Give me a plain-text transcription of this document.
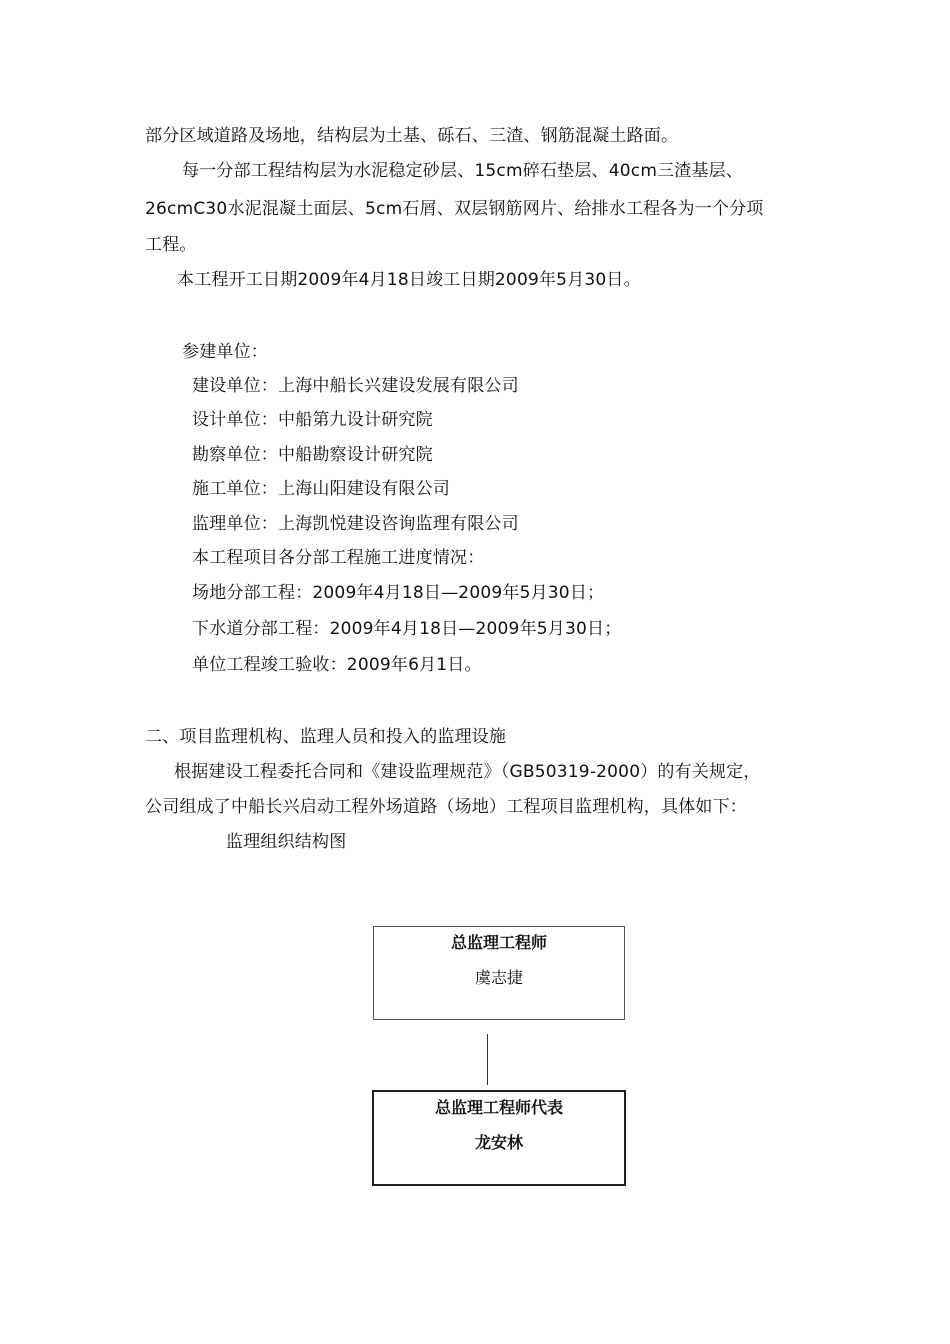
部分区域道路及场地，结构层为土基、砾石、三渣、钢筋混凝土路面。
每一分部工程结构层为水泥稳定砂层、15cm碎石垫层、40cm三渣基层、
26cmC30水泥混凝土面层、5cm石屑、双层钢筋网片、给排水工程各为一个分项
工程。
本工程开工日期2009年4月18日竣工日期2009年5月30日。
参建单位：
建设单位：上海中船长兴建设发展有限公司
设计单位：中船第九设计研究院
勘察单位：中船勘察设计研究院
施工单位：上海山阳建设有限公司
监理单位：上海凯悦建设咨询监理有限公司
本工程项目各分部工程施工进度情况：
场地分部工程：2009年4月18日—2009年5月30日；
下水道分部工程：2009年4月18日—2009年5月30日；
单位工程竣工验收：2009年6月1日。
二、项目监理机构、监理人员和投入的监理设施
根据建设工程委托合同和《建设监理规范》（GB50319-2000）的有关规定，
公司组成了中船长兴启动工程外场道路（场地）工程项目监理机构，具体如下：
监理组织结构图
总监理工程师
虞志捷
总监理工程师代表
龙安林
